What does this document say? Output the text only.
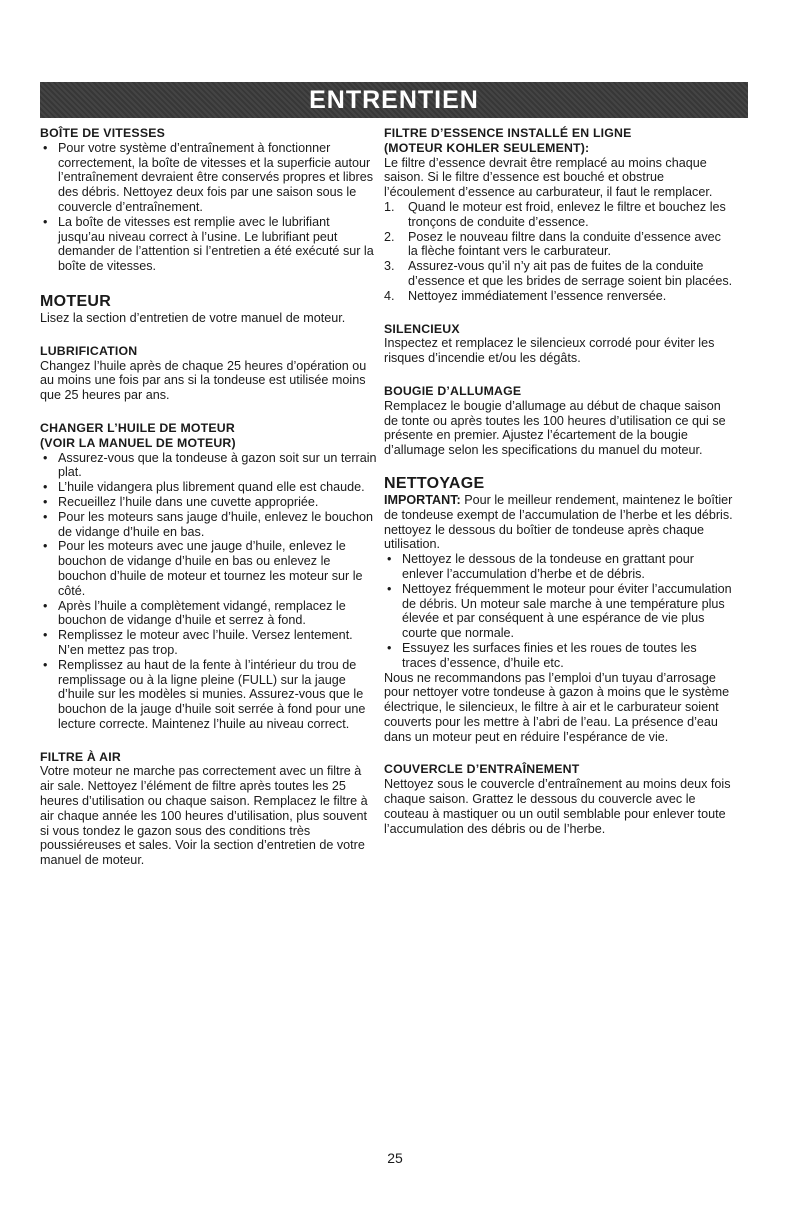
ENTRENTIEN
BOÎTE DE VITESSES
• Pour votre système d’entraînement à fonctionner correctement, la boîte de vitesses et la superficie autour l’entraînement devraient être conservés propres et libres des débris. Nettoyez deux fois par une saison sous le couvercle d’entraînement.
• La boîte de vitesses est remplie avec le lubrifiant jusqu’au niveau correct à l’usine. Le lubrifiant peut demander de l’attention si l’entretien a été exécuté sur la boîte de vitesses.
MOTEUR

Lisez la section d’entretien de votre manuel de moteur.

LUBRIFICATION

Changez l’huile après de chaque 25 heures d’opération ou au moins une fois par ans si la tondeuse est utilisée moins que 25 heures par ans.

CHANGER L’HUILE DE MOTEUR
(VOIR LA MANUEL DE MOTEUR)
• Assurez-vous que la tondeuse à gazon soit sur un terrain plat.
• L’huile vidangera plus librement quand elle est chaude.
• Recueillez l’huile dans une cuvette appropriée.
• Pour les moteurs sans jauge d’huile, enlevez le bouchon de vidange d’huile en bas.
• Pour les moteurs avec une jauge d’huile, enlevez le bouchon de vidange d’huile en bas ou enlevez le bouchon d’huile de moteur et tournez les moteur sur le côté.
• Après l’huile a complètement vidangé, remplacez le bouchon de vidange d’huile et serrez à fond.
• Remplissez le moteur avec l’huile. Versez lentement. N’en mettez pas trop.
• Remplissez au haut de la fente à l’intérieur du trou de remplissage ou à la ligne pleine (FULL) sur la jauge d’huile sur les modèles si munies. Assurez-vous que le bouchon de la jauge d’huile soit serrée à fond pour une lecture correcte. Maintenez l’huile au niveau correct.
FILTRE À AIR

Votre moteur ne marche pas correctement avec un filtre à air sale. Nettoyez l’élément de filtre après toutes les 25 heures d’utilisation ou chaque saison. Remplacez le filtre à air chaque année les 100 heures d’utilisation, plus souvent si vous tondez le gazon sous des conditions très poussiéreuses et sales. Voir la section d’entretien de votre manuel de moteur.

FILTRE D’ESSENCE INSTALLÉ EN LIGNE
(MOTEUR KOHLER SEULEMENT):

Le filtre d’essence devrait être remplacé au moins chaque saison. Si le filtre d’essence est bouché et obstrue l’écoulement d’essence au carburateur, il faut le remplacer.

1. Quand le moteur est froid, enlevez le filtre et bouchez les tronçons de conduite d’essence.
2. Posez le nouveau filtre dans la conduite d’essence avec la flèche fointant vers le carburateur.
3. Assurez-vous qu’il n’y ait pas de fuites de la conduite d’essence et que les brides de serrage soient bin placées.
4. Nettoyez immédiatement l’essence renversée.
SILENCIEUX

Inspectez et remplacez le silencieux corrodé pour éviter les risques d’incendie et/ou les dégâts.

BOUGIE D’ALLUMAGE

Remplacez le bougie d’allumage au début de chaque saison de tonte ou après toutes les 100 heures d’utilisation ce qui se présente en premier. Ajustez l’écartement de la bougie d’allumage selon les specifications du manuel du moteur.

NETTOYAGE

IMPORTANT: Pour le meilleur rendement, maintenez le boîtier de tondeuse exempt de l’accumulation de l’herbe et les débris. nettoyez le dessous du boîtier de tondeuse après chaque utilisation.

• Nettoyez le dessous de la tondeuse en grattant pour enlever l’accumulation d’herbe et de débris.
• Nettoyez fréquemment le moteur pour éviter l’accumulation de débris. Un moteur sale marche à une température plus élevée et par conséquent à une espérance de vie plus courte que normale.
• Essuyez les surfaces finies et les roues de toutes les traces d’essence, d’huile etc.

Nous ne recommandons pas l’emploi d’un tuyau d’arrosage pour nettoyer votre tondeuse à gazon à moins que le système électrique, le silencieux, le filtre à air et le carburateur soient couverts pour les mettre à l’abri de l’eau. La présence d’eau dans un moteur peut en réduire l’espérance de vie.

COUVERCLE D’ENTRAÎNEMENT

Nettoyez sous le couvercle d’entraînement au moins deux fois chaque saison. Grattez le dessous du couvercle avec le couteau à mastiquer ou un outil semblable pour enlever toute l’accumulation des débris ou de l’herbe.

25
